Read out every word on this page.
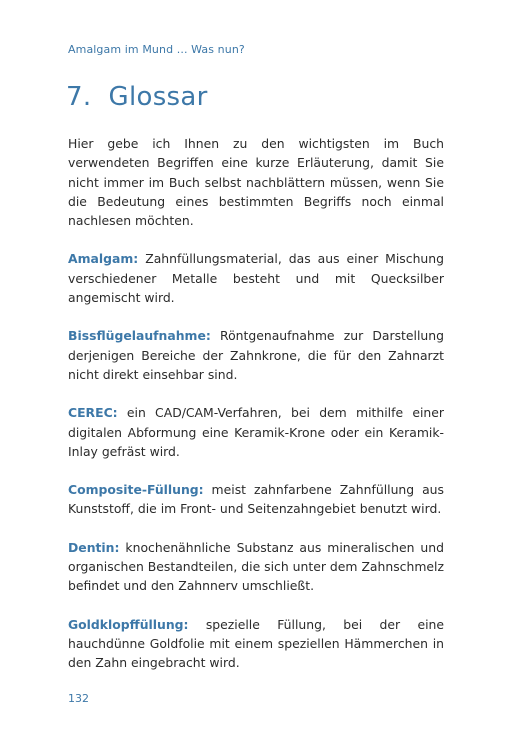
Amalgam im Mund ... Was nun?
7.  Glossar

Hier gebe ich Ihnen zu den wichtigsten im Buch verwendeten Begriffen eine kurze Erläuterung, damit Sie nicht immer im Buch selbst nachblättern müssen, wenn Sie die Bedeutung eines bestimmten Begriffs noch einmal nachlesen möchten.

Amalgam: Zahnfüllungsmaterial, das aus einer Mischung verschiedener Metalle besteht und mit Quecksilber angemischt wird.

Bissflügelaufnahme: Röntgenaufnahme zur Darstellung derjenigen Bereiche der Zahnkrone, die für den Zahnarzt nicht direkt einsehbar sind.

CEREC: ein CAD/CAM-Verfahren, bei dem mithilfe einer digitalen Abformung eine Keramik-Krone oder ein Keramik-Inlay gefräst wird.

Composite-Füllung: meist zahnfarbene Zahnfüllung aus Kunststoff, die im Front- und Seitenzahngebiet benutzt wird.

Dentin: knochenähnliche Substanz aus mineralischen und organischen Bestandteilen, die sich unter dem Zahnschmelz befindet und den Zahnnerv umschließt.

Goldklopffüllung: spezielle Füllung, bei der eine hauchdünne Goldfolie mit einem speziellen Hämmerchen in den Zahn eingebracht wird.

132
